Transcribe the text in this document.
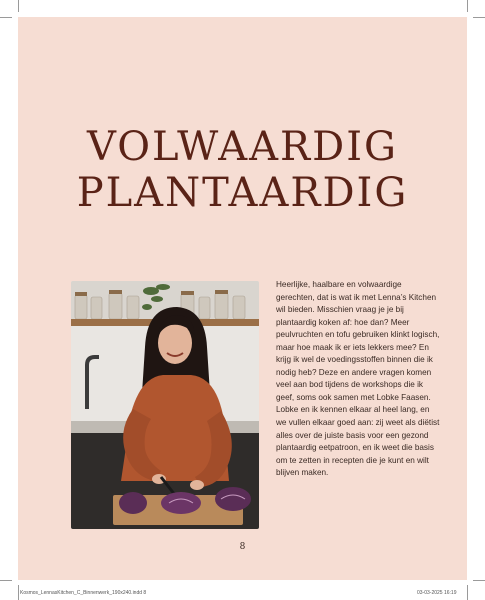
VOLWAARDIG
PLANTAARDIG

Heerlijke, haalbare en volwaardige gerechten, dat is wat ik met Lenna’s Kitchen wil bieden. Misschien vraag je je bij plantaardig koken af: hoe dan? Meer peulvruchten en tofu gebruiken klinkt logisch, maar hoe maak ik er iets lekkers mee? En krijg ik wel de voedingsstoffen binnen die ik nodig heb? Deze en andere vragen komen veel aan bod tijdens de workshops die ik geef, soms ook samen met Lobke Faasen. Lobke en ik kennen elkaar al heel lang, en we vullen elkaar goed aan: zij weet als diëtist alles over de juiste basis voor een gezond plantaardig eetpatroon, en ik weet die basis om te zetten in recepten die je kunt en wilt blijven maken.

8
Kosmos_LennasKitchen_C_Binnenwerk_190x240.indd 8	03-03-2025 16:19
